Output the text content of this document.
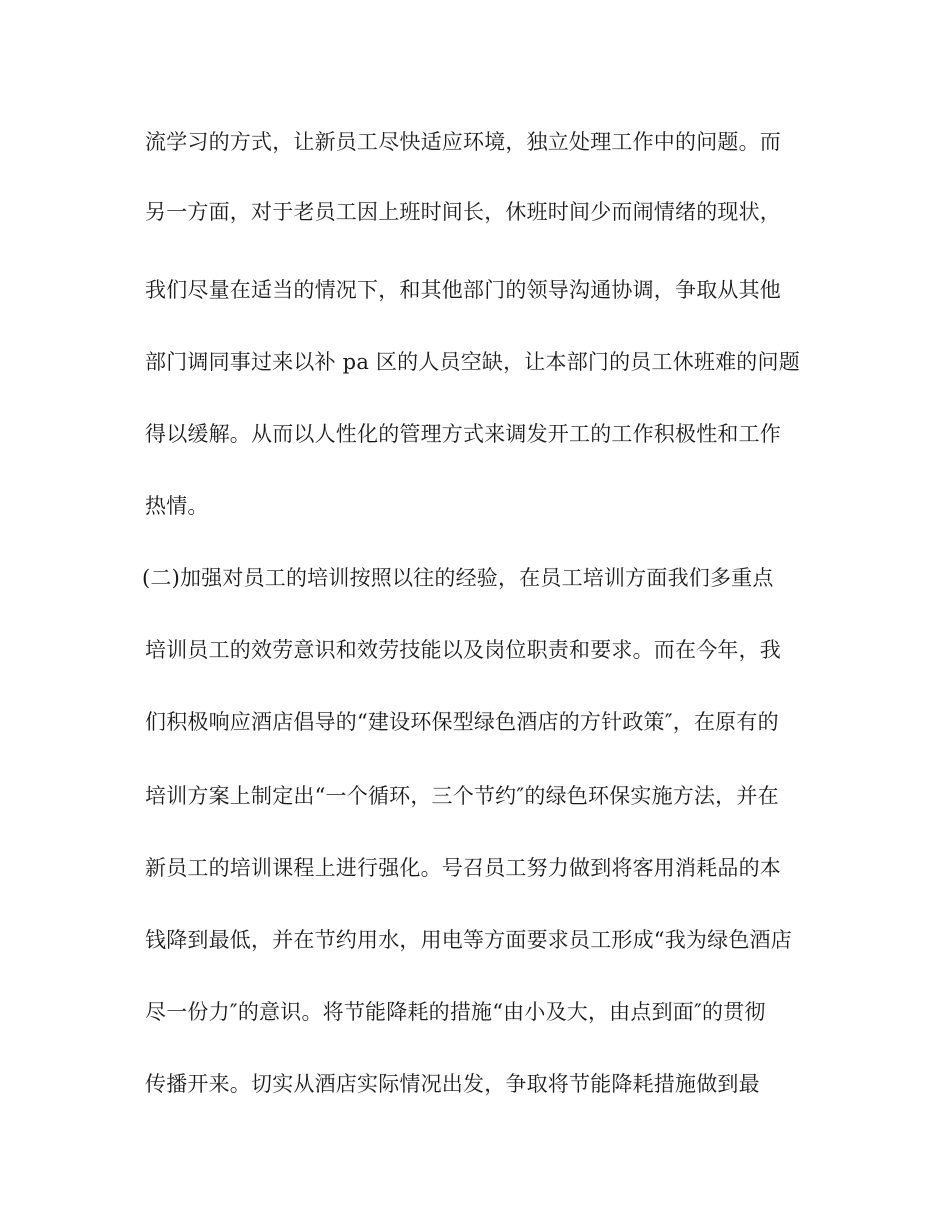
流学习的方式，让新员工尽快适应环境，独立处理工作中的问题。而
另一方面，对于老员工因上班时间长，休班时间少而闹情绪的现状，
我们尽量在适当的情况下，和其他部门的领导沟通协调，争取从其他
部门调同事过来以补 pa 区的人员空缺，让本部门的员工休班难的问题
得以缓解。从而以人性化的管理方式来调发开工的工作积极性和工作
热情。
(二)加强对员工的培训按照以往的经验，在员工培训方面我们多重点
培训员工的效劳意识和效劳技能以及岗位职责和要求。而在今年，我
们积极响应酒店倡导的“建设环保型绿色酒店的方针政策″，在原有的
培训方案上制定出“一个循环，三个节约″的绿色环保实施方法，并在
新员工的培训课程上进行强化。号召员工努力做到将客用消耗品的本
钱降到最低，并在节约用水，用电等方面要求员工形成“我为绿色酒店
尽一份力″的意识。将节能降耗的措施“由小及大，由点到面″的贯彻
传播开来。切实从酒店实际情况出发，争取将节能降耗措施做到最
